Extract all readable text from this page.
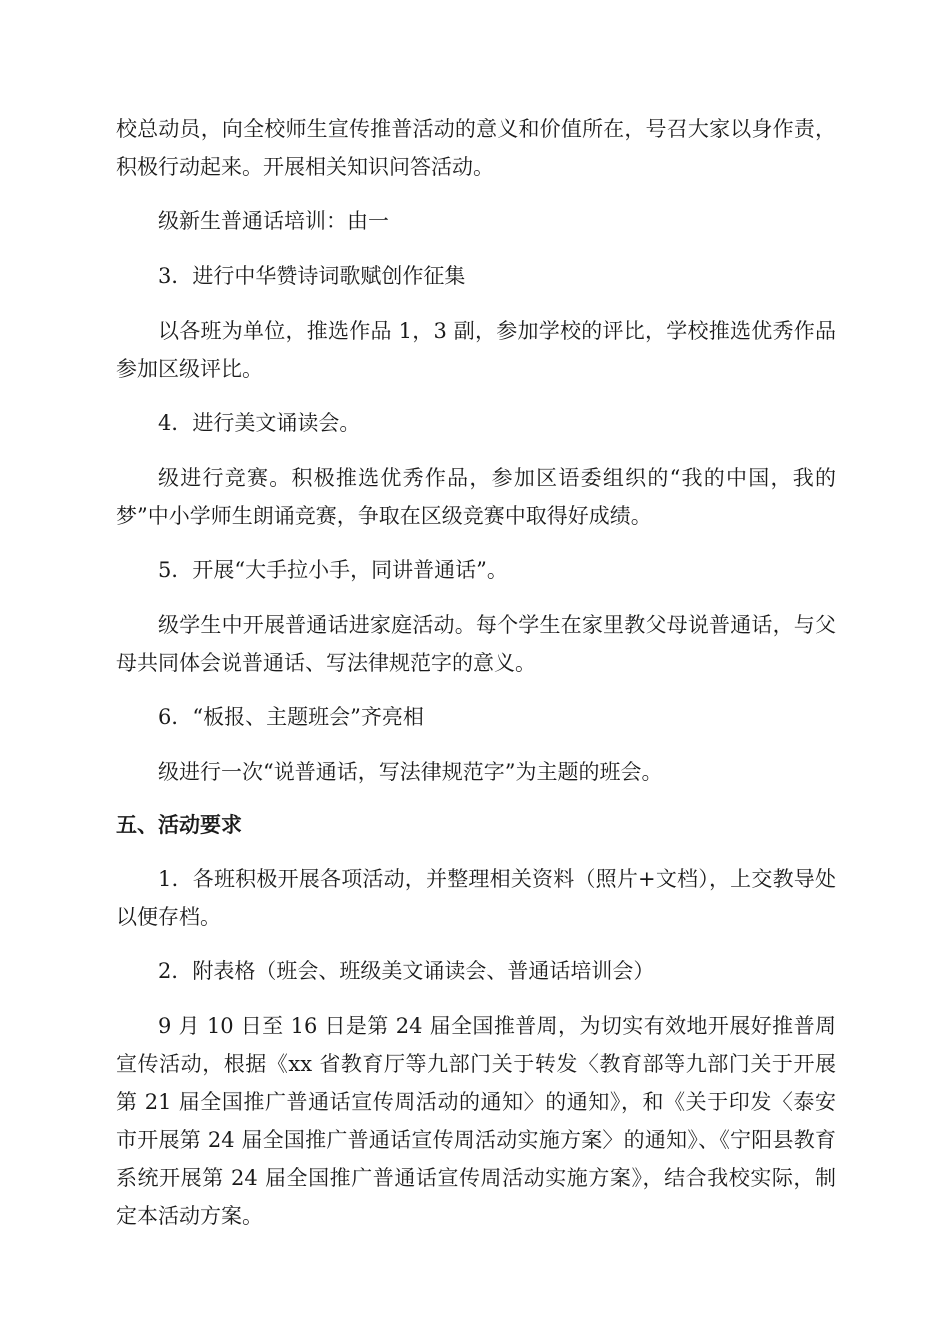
校总动员，向全校师生宣传推普活动的意义和价值所在，号召大家以身作责，积极行动起来。开展相关知识问答活动。

级新生普通话培训：由一

3．进行中华赞诗词歌赋创作征集

以各班为单位，推选作品 1，3 副，参加学校的评比，学校推选优秀作品参加区级评比。

4．进行美文诵读会。

级进行竞赛。积极推选优秀作品，参加区语委组织的“我的中国，我的梦”中小学师生朗诵竞赛，争取在区级竞赛中取得好成绩。

5．开展“大手拉小手，同讲普通话”。

级学生中开展普通话进家庭活动。每个学生在家里教父母说普通话，与父母共同体会说普通话、写法律规范字的意义。

6．“板报、主题班会”齐亮相

级进行一次“说普通话，写法律规范字”为主题的班会。

五、活动要求

1．各班积极开展各项活动，并整理相关资料（照片+文档），上交教导处以便存档。

2．附表格（班会、班级美文诵读会、普通话培训会）

9 月 10 日至 16 日是第 24 届全国推普周，为切实有效地开展好推普周宣传活动，根据《xx 省教育厅等九部门关于转发〈教育部等九部门关于开展第 21 届全国推广普通话宣传周活动的通知〉的通知》，和《关于印发〈泰安市开展第 24 届全国推广普通话宣传周活动实施方案〉的通知》、《宁阳县教育系统开展第 24 届全国推广普通话宣传周活动实施方案》，结合我校实际，制定本活动方案。
